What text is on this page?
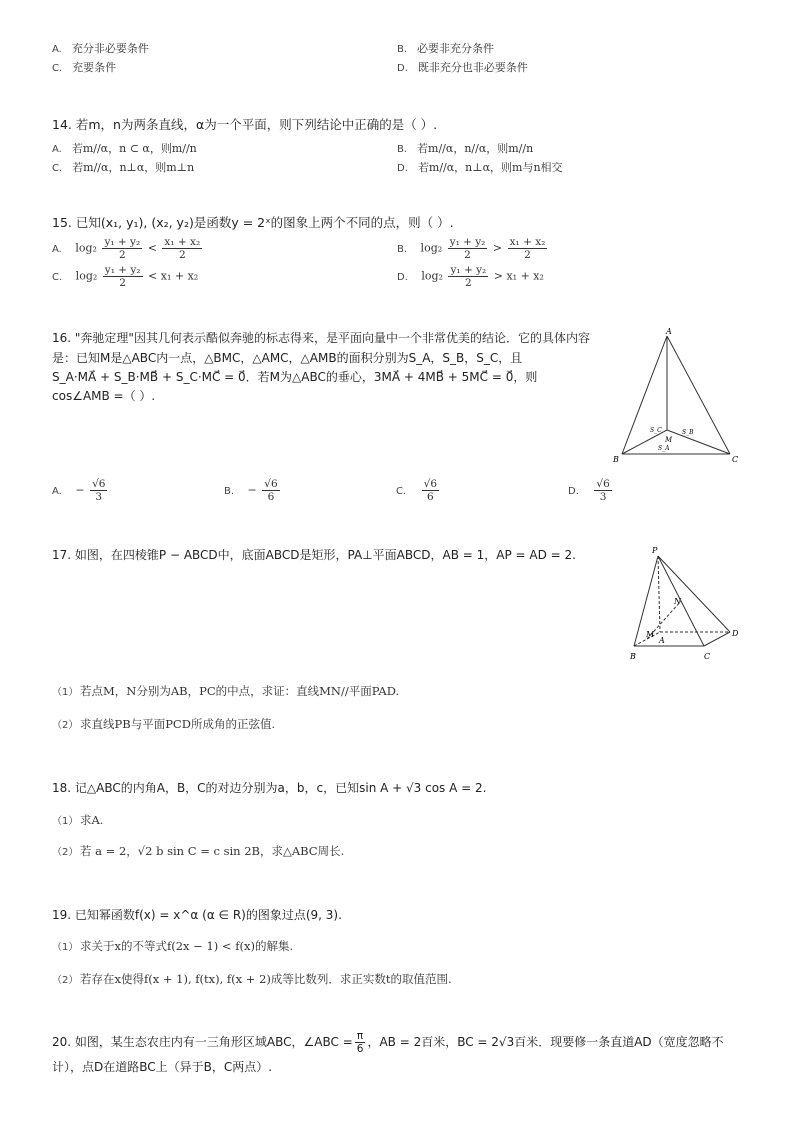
A. 充分非必要条件	B. 必要非充分条件
C. 充要条件	D. 既非充分也非必要条件
14. 若m，n为两条直线，α为一个平面，则下列结论中正确的是（ ）.
A. 若m//α，n ⊂ α，则m//n	B. 若m//α，n//α，则m//n
C. 若m//α，n⊥α，则m⊥n	D. 若m//α，n⊥α，则m与n相交
15. 已知(x₁, y₁), (x₂, y₂)是函数y = 2ˣ的图象上两个不同的点，则（ ）.
A. $\log_2 \frac{\text{y₁ + y₂}}{2} < \frac{\text{x₁ + x₂}}{2}$	B. $\log_2 \frac{\text{y₁ + y₂}}{2} > \frac{\text{x₁ + x₂}}{2}$
C. $\log_2 \frac{\text{y₁ + y₂}}{2} < x_1 + x_2$	D. $\log_2 \frac{\text{y₁ + y₂}}{2} > x_1 + x_2$
16. "奔驰定理"因其几何表示酷似奔驰的标志得来，是平面向量中一个非常优美的结论．它的具体内容
是：已知M是△ABC内一点，△BMC，△AMC，△AMB的面积分别为S_A，S_B，S_C，且
S_A·MA⃗ + S_B·MB⃗ + S_C·MC⃗ = 0⃗．若M为△ABC的垂心，3MA⃗ + 4MB⃗ + 5MC⃗ = 0⃗，则
cos∠AMB =（ ）.
A
B	C
M
S_C	S_B
S_A
A. − $\frac{√6}{3}$	B. − $\frac{√6}{6}$	C. $\frac{√6}{6}$	D. $\frac{√6}{3}$
17. 如图，在四棱锥P − ABCD中，底面ABCD是矩形，PA⊥平面ABCD，AB = 1，AP = AD = 2.	P
N
M
A
B	C
D
（1） 若点M，N分别为AB，PC的中点，求证：直线MN//平面PAD.
（2） 求直线PB与平面PCD所成角的正弦值.
18. 记△ABC的内角A，B，C的对边分别为a，b，c，已知sin A + √3 cos A = 2.
（1） 求A.
（2） 若 a = 2，√2 b sin C = c sin 2B，求△ABC周长.
19. 已知幂函数f(x) = x^α (α ∈ R)的图象过点(9, 3).
（1） 求关于x的不等式f(2x − 1) < f(x)的解集.
（2） 若存在x使得f(x + 1), f(tx), f(x + 2)成等比数列．求正实数t的取值范围.
20. 如图，某生态农庄内有一三角形区域ABC，∠ABC = $\frac{\pi}{6}$ ，AB = 2百米，BC = 2√3百米．现要修一条直道AD（宽度忽略不
计），点D在道路BC上（异于B，C两点）.
